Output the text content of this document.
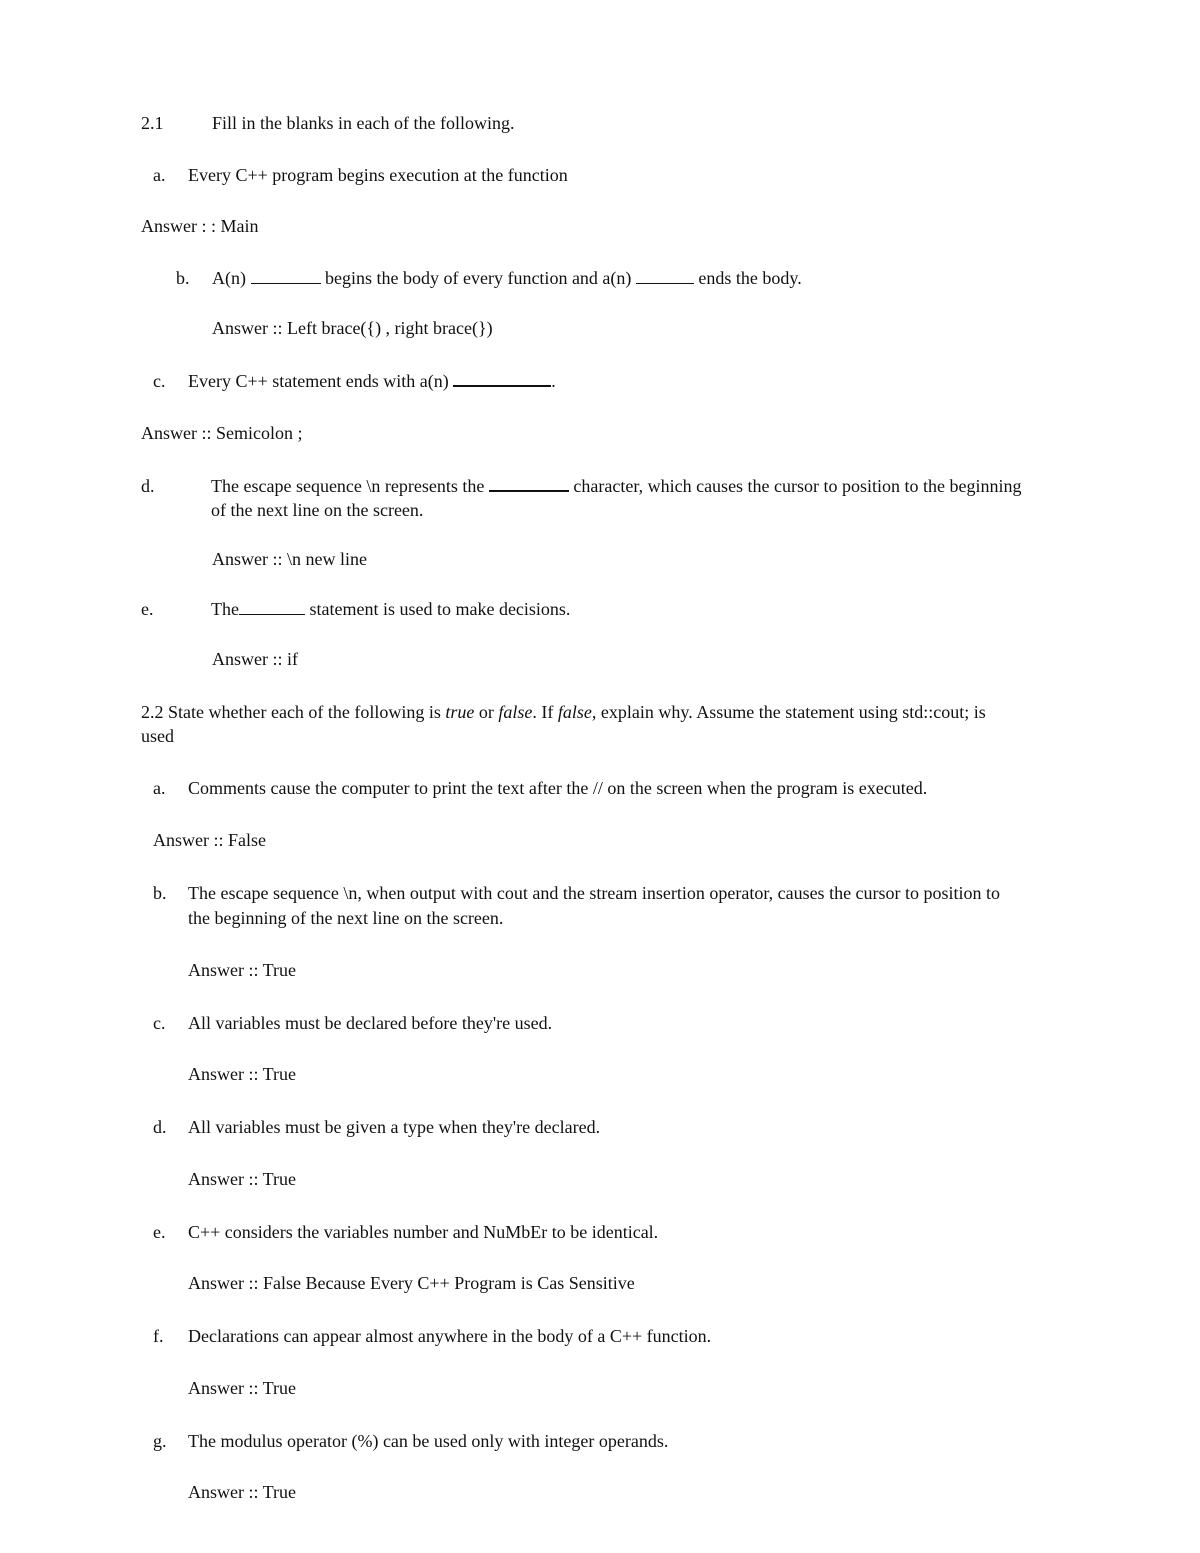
2.1	Fill in the blanks in each of the following.
a. Every C++ program begins execution at the function
Answer : : Main
b. A(n)	begins the body of every function and a(n)	ends the body.
Answer :: Left brace({) , right brace(})
c. Every C++ statement ends with a(n)	.
Answer :: Semicolon ;
d.	The escape sequence \n represents the	character, which causes the cursor to position to the beginning
of the next line on the screen.
Answer :: \n new line
e.	The	statement is used to make decisions.
Answer :: if
2.2 State whether each of the following is true or false. If false, explain why. Assume the statement using std::cout; is
used
a. Comments cause the computer to print the text after the // on the screen when the program is executed.
Answer :: False
b. The escape sequence \n, when output with cout and the stream insertion operator, causes the cursor to position to
the beginning of the next line on the screen.
Answer :: True
c. All variables must be declared before they're used.
Answer :: True
d. All variables must be given a type when they're declared.
Answer :: True
e. C++ considers the variables number and NuMbEr to be identical.
Answer :: False Because Every C++ Program is Cas Sensitive
f. Declarations can appear almost anywhere in the body of a C++ function.
Answer :: True
g. The modulus operator (%) can be used only with integer operands.
Answer :: True
